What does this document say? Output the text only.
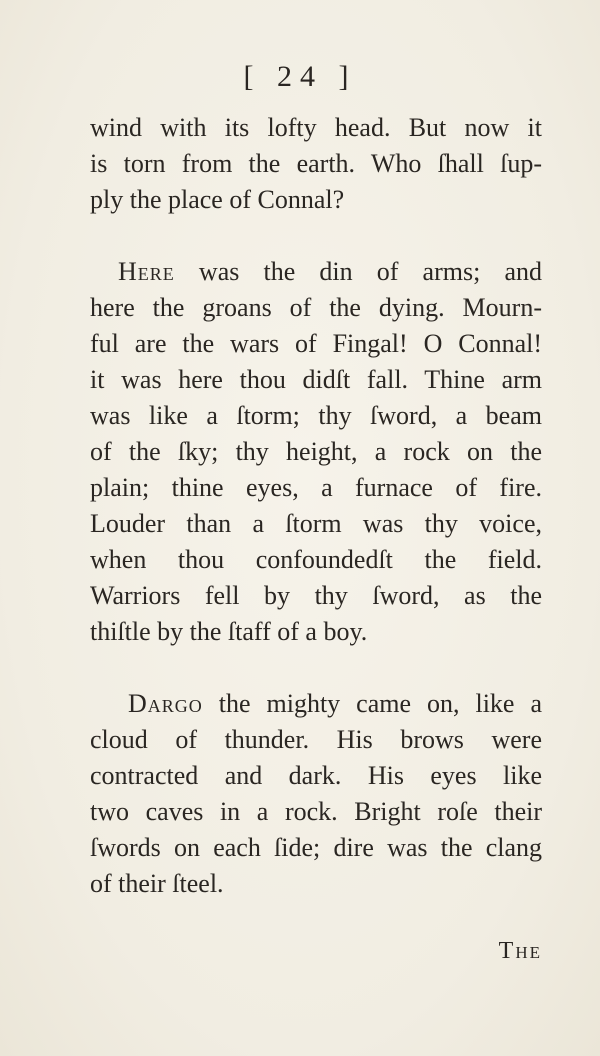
[ 24 ]
wind with its lofty head. But now it
is torn from the earth. Who ſhall ſup-
ply the place of Connal?
Here was the din of arms; and
here the groans of the dying. Mourn-
ful are the wars of Fingal! O Connal!
it was here thou didſt fall. Thine arm
was like a ſtorm; thy ſword, a beam
of the ſky; thy height, a rock on the
plain; thine eyes, a furnace of fire.
Louder than a ſtorm was thy voice,
when thou confoundedſt the field.
Warriors fell by thy ſword, as the
thiſtle by the ſtaff of a boy.
Dargo the mighty came on, like a
cloud of thunder. His brows were
contracted and dark. His eyes like
two caves in a rock. Bright roſe their
ſwords on each ſide; dire was the clang
of their ſteel.
The
